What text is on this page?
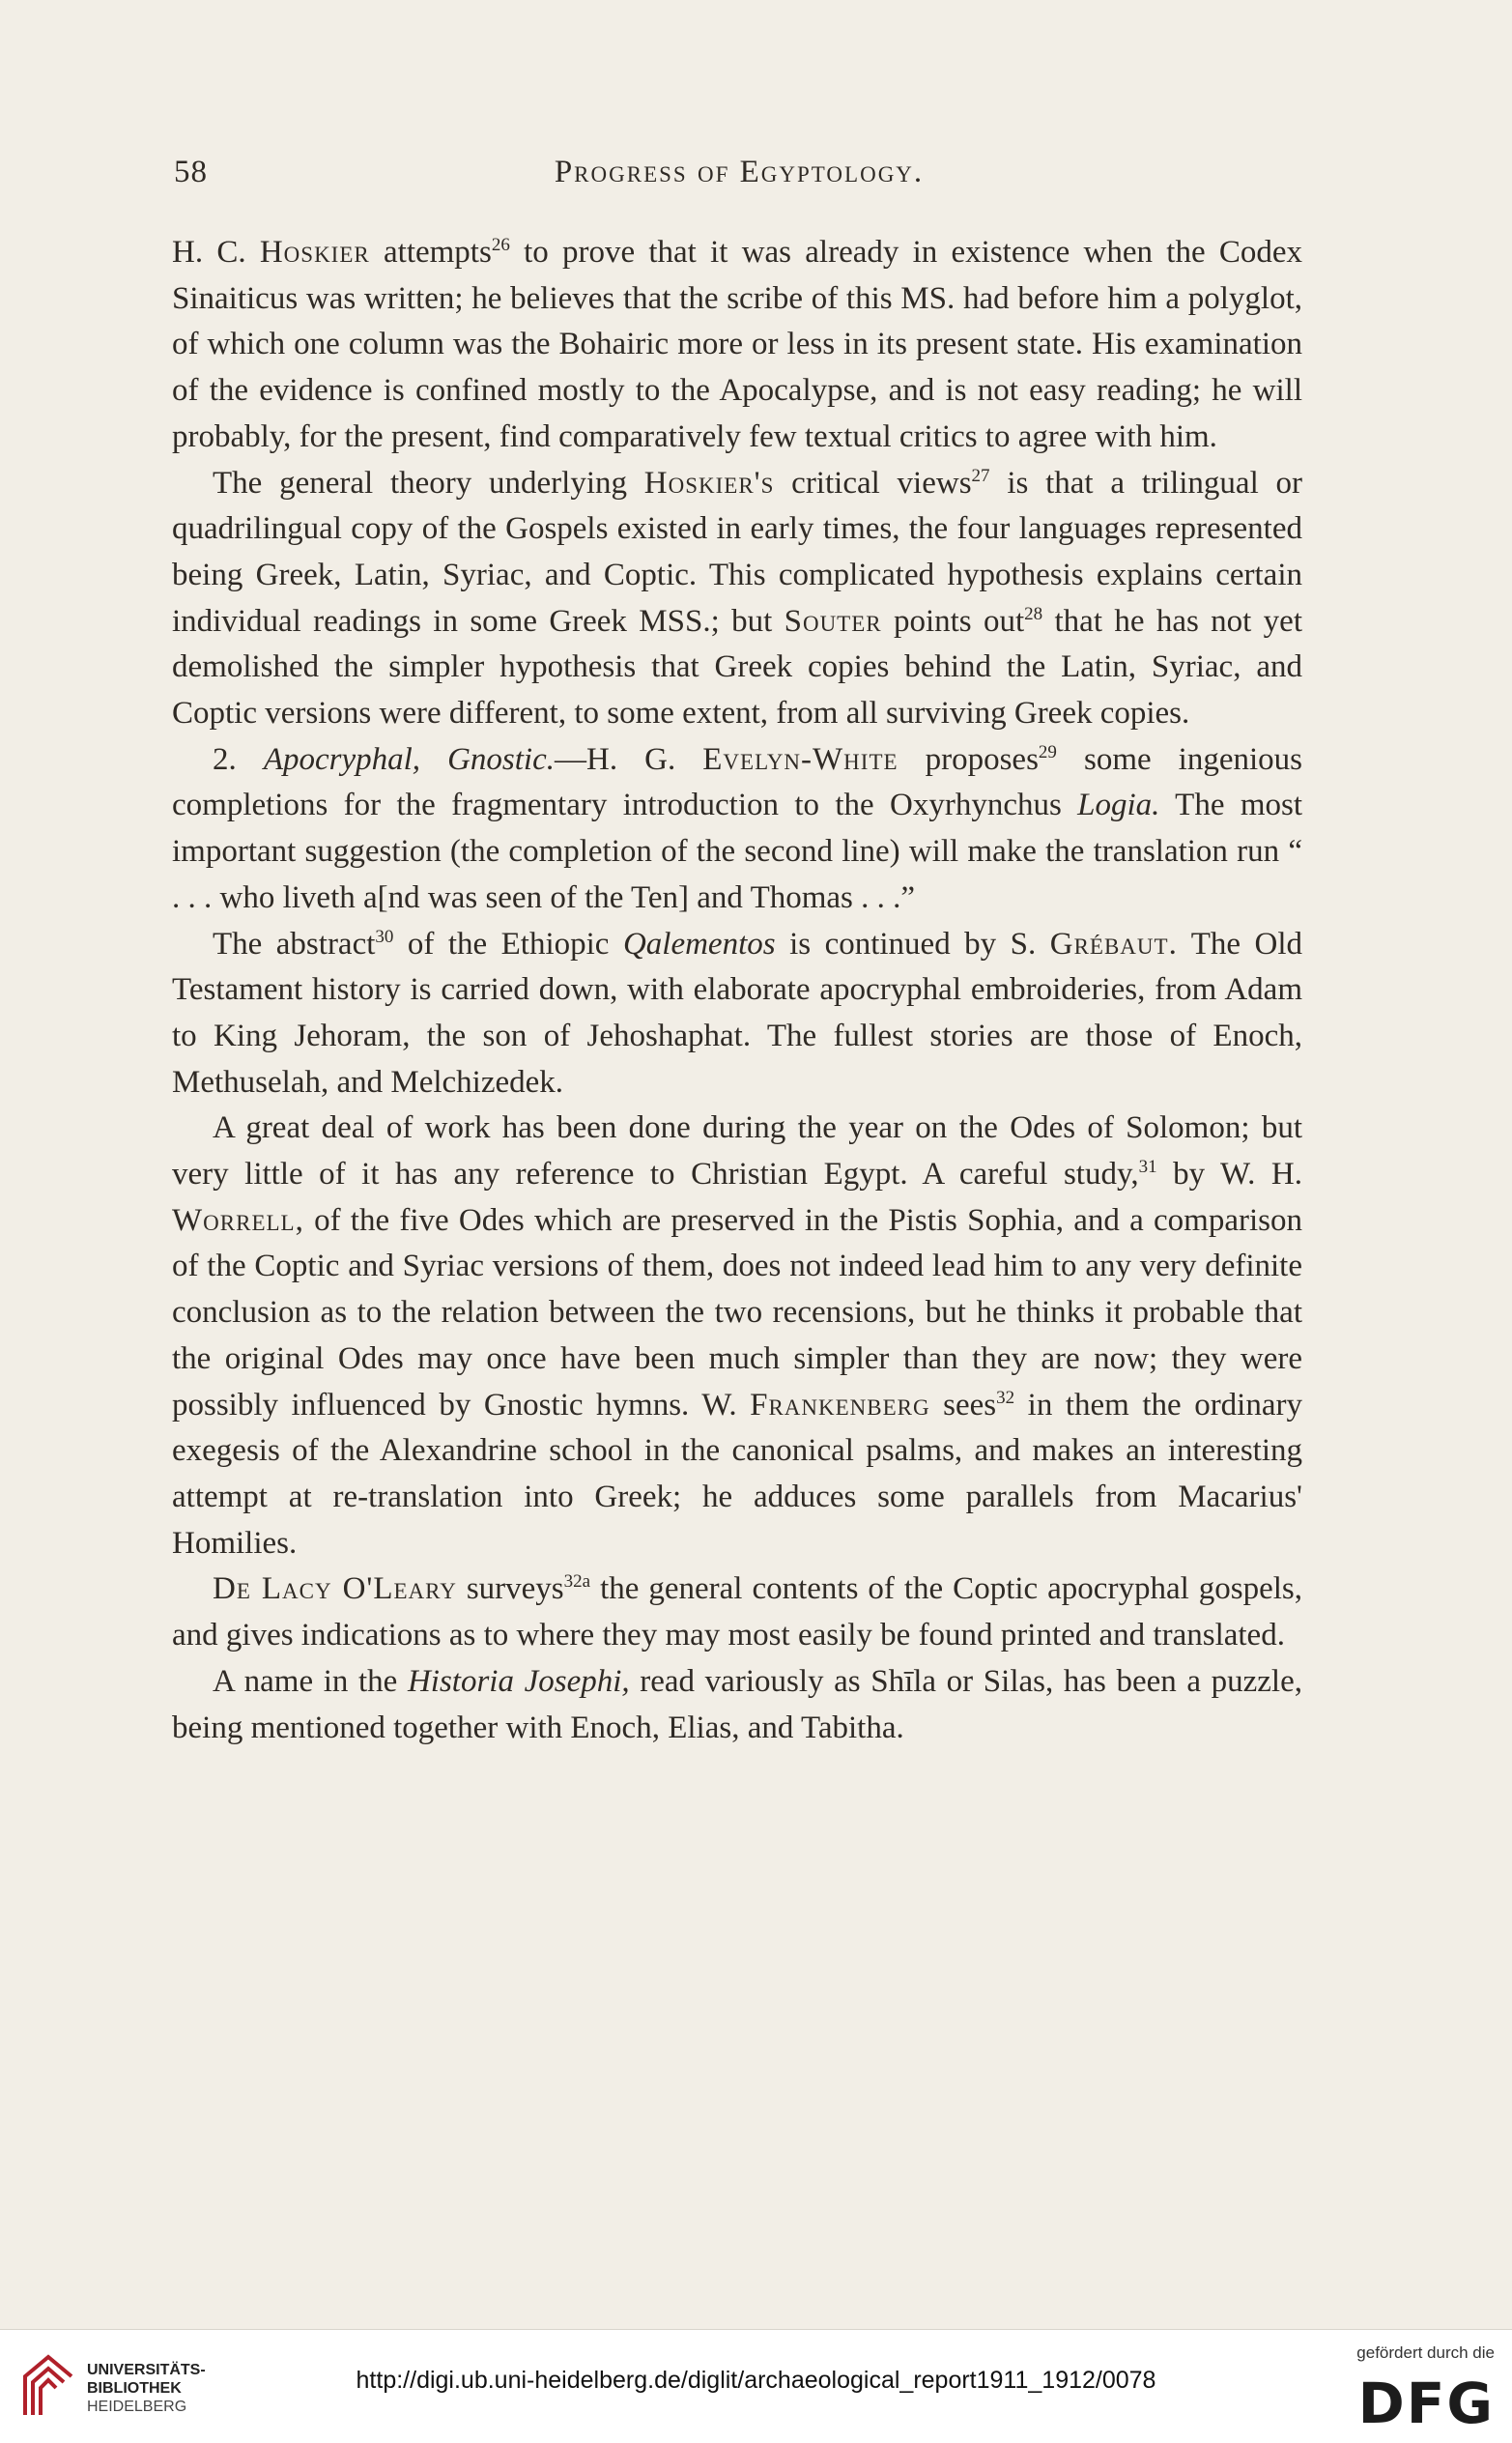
58	Progress of Egyptology.

H. C. Hoskier attempts$^{26}$ to prove that it was already in existence when the Codex Sinaiticus was written; he believes that the scribe of this MS. had before him a polyglot, of which one column was the Bohairic more or less in its present state. His examination of the evidence is confined mostly to the Apocalypse, and is not easy reading; he will probably, for the present, find comparatively few textual critics to agree with him.

The general theory underlying Hoskier's critical views$^{27}$ is that a trilingual or quadrilingual copy of the Gospels existed in early times, the four languages represented being Greek, Latin, Syriac, and Coptic. This complicated hypothesis explains certain individual readings in some Greek MSS.; but Souter points out$^{28}$ that he has not yet demolished the simpler hypothesis that Greek copies behind the Latin, Syriac, and Coptic versions were different, to some extent, from all surviving Greek copies.

2. Apocryphal, Gnostic.—H. G. Evelyn-White proposes$^{29}$ some ingenious completions for the fragmentary introduction to the Oxyrhynchus Logia. The most important suggestion (the completion of the second line) will make the translation run “ . . . who liveth a[nd was seen of the Ten] and Thomas . . .”

The abstract$^{30}$ of the Ethiopic Qalementos is continued by S. Grébaut. The Old Testament history is carried down, with elaborate apocryphal embroideries, from Adam to King Jehoram, the son of Jehoshaphat. The fullest stories are those of Enoch, Methuselah, and Melchizedek.

A great deal of work has been done during the year on the Odes of Solomon; but very little of it has any reference to Christian Egypt. A careful study,$^{31}$ by W. H. Worrell, of the five Odes which are preserved in the Pistis Sophia, and a comparison of the Coptic and Syriac versions of them, does not indeed lead him to any very definite conclusion as to the relation between the two recensions, but he thinks it probable that the original Odes may once have been much simpler than they are now; they were possibly influenced by Gnostic hymns. W. Frankenberg sees$^{32}$ in them the ordinary exegesis of the Alexandrine school in the canonical psalms, and makes an interesting attempt at re-translation into Greek; he adduces some parallels from Macarius' Homilies.

De Lacy O'Leary surveys$^{32a}$ the general contents of the Coptic apocryphal gospels, and gives indications as to where they may most easily be found printed and translated.

A name in the Historia Josephi, read variously as Shīla or Silas, has been a puzzle, being mentioned together with Enoch, Elias, and Tabitha.

UNIVERSITÄTS-
BIBLIOTHEK
HEIDELBERG
http://digi.ub.uni-heidelberg.de/diglit/archaeological_report1911_1912/0078
gefördert durch die
DFG
